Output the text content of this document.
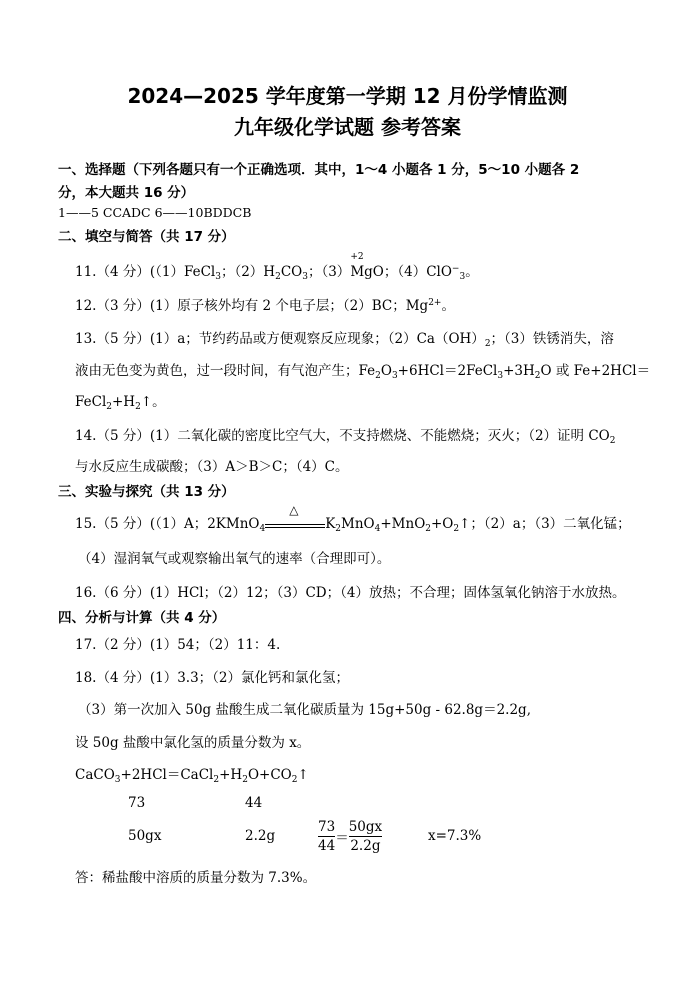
2024—2025 学年度第一学期 12 月份学情监测
九年级化学试题 参考答案
一、选择题（下列各题只有一个正确选项．其中，1～4 小题各 1 分，5～10 小题各 2
分，本大题共 16 分）
1——5 CCADC 6——10BDDCB
二、填空与简答（共 17 分）
11.（4 分）(（1）FeCl$_3$；$(2)H_2CO_3$；（3）
+2
MgO；（4）ClO−$_3$。
12.（3 分）(1）原子核外均有 2 个电子层；（2）BC；$Mg^{2+}$。
13.（5 分）(1）a；节约药品或方便观察反应现象；$(2)Ca(OH)_2$；（3）铁锈消失，溶
液由无色变为黄色，过一段时间，有气泡产生；$Fe_2O_3+6HCl=2FeCl_3+3H_2O$ 或 Fe+2HCl＝
$FeCl_2+H_2↑$。
14.（5 分）(1）二氧化碳的密度比空气大，不支持燃烧、不能燃烧；灭火；（2）证明 $CO_2$
与水反应生成碳酸；（3）A＞B＞C；（4）C。
三、实验与探究（共 13 分）
15.（5 分）(（1）A；2KMnO$_4$
△
$K_2MnO_4+MnO_2+O_2↑$；（2）a；（3）二氧化锰；
（4）湿润氧气或观察输出氧气的速率（合理即可）。
16.（6 分）(1）HCl；（2）12；（3）CD；（4）放热；不合理；固体氢氧化钠溶于水放热。
四、分析与计算（共 4 分）
17.（2 分）(1）54；（2）11：4.
18.（4 分）(1）3.3；（2）氯化钙和氯化氢；
（3）第一次加入 50g 盐酸生成二氧化碳质量为 15g+50g - 62.8g＝2.2g,
设 50g 盐酸中氯化氢的质量分数为 x。
$CaCO_3+2HCl=CaCl_2+H_2O+CO_2↑$
73	44
50gx	2.2g	$\frac{73}{44} = \frac{50gx}{2.2g}$	x=7.3%
答：稀盐酸中溶质的质量分数为 7.3%。
